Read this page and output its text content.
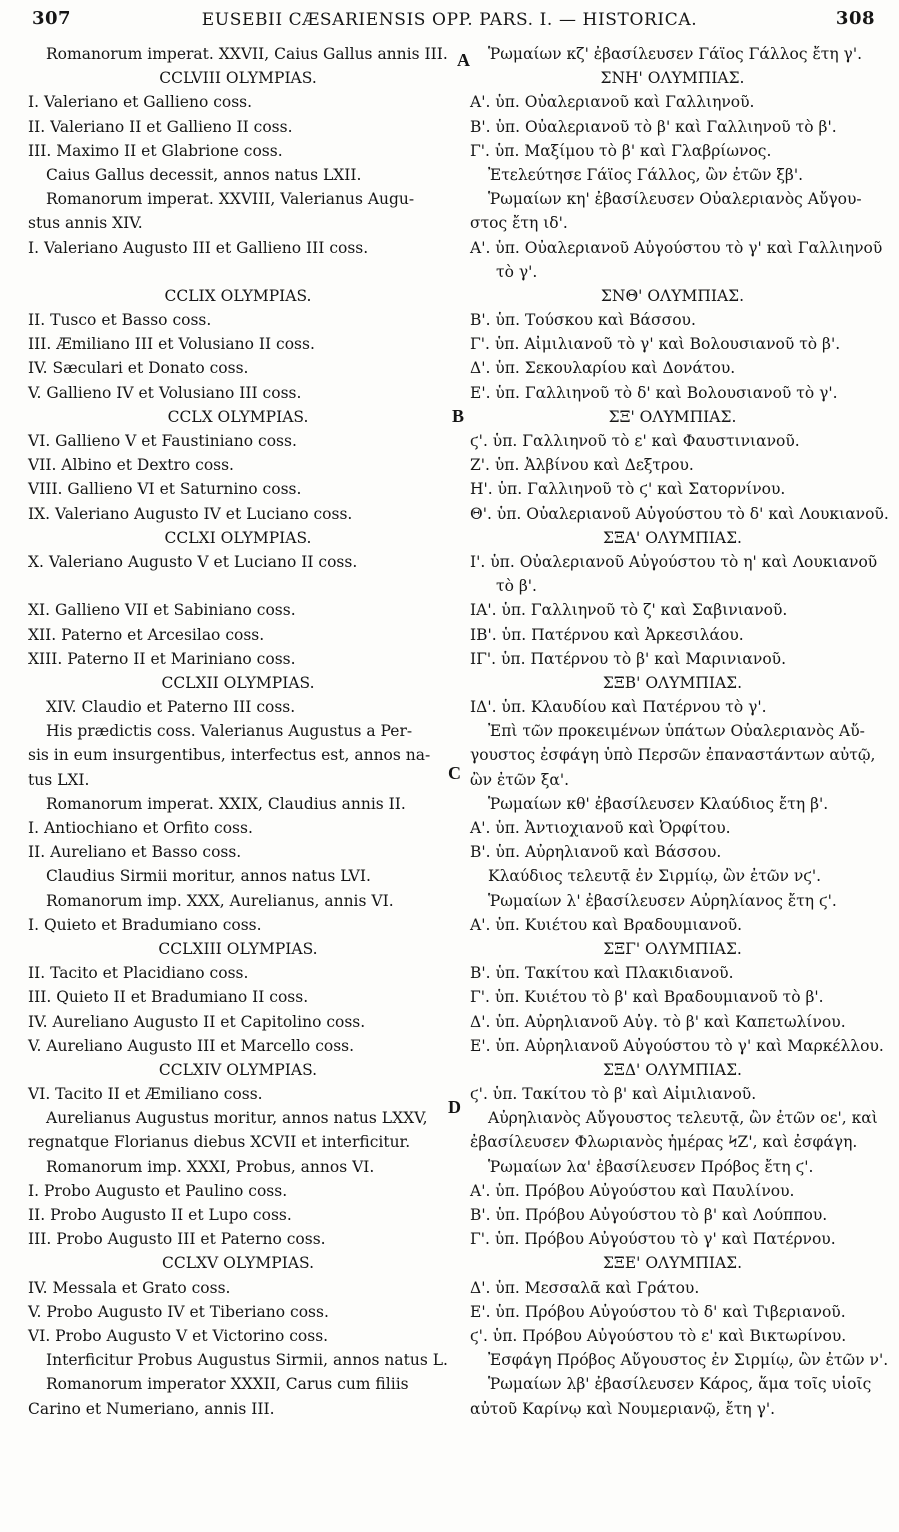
307	EUSEBII CÆSARIENSIS OPP. PARS. I. — HISTORICA.	308
Romanorum imperat. XXVII, Caius Gallus annis III.
CCLVIII OLYMPIAS.
I. Valeriano et Gallieno coss.
II. Valeriano II et Gallieno II coss.
III. Maximo II et Glabrione coss.
Caius Gallus decessit, annos natus LXII.
Romanorum imperat. XXVIII, Valerianus Augu-
stus annis XIV.
I. Valeriano Augusto III et Gallieno III coss.
CCLIX OLYMPIAS.
II. Tusco et Basso coss.
III. Æmiliano III et Volusiano II coss.
IV. Sæculari et Donato coss.
V. Gallieno IV et Volusiano III coss.
CCLX OLYMPIAS.
VI. Gallieno V et Faustiniano coss.
VII. Albino et Dextro coss.
VIII. Gallieno VI et Saturnino coss.
IX. Valeriano Augusto IV et Luciano coss.
CCLXI OLYMPIAS.
X. Valeriano Augusto V et Luciano II coss.
XI. Gallieno VII et Sabiniano coss.
XII. Paterno et Arcesilao coss.
XIII. Paterno II et Mariniano coss.
CCLXII OLYMPIAS.
XIV. Claudio et Paterno III coss.
His prædictis coss. Valerianus Augustus a Per-
sis in eum insurgentibus, interfectus est, annos na-
tus LXI.
Romanorum imperat. XXIX, Claudius annis II.
I. Antiochiano et Orfito coss.
II. Aureliano et Basso coss.
Claudius Sirmii moritur, annos natus LVI.
Romanorum imp. XXX, Aurelianus, annis VI.
I. Quieto et Bradumiano coss.
CCLXIII OLYMPIAS.
II. Tacito et Placidiano coss.
III. Quieto II et Bradumiano II coss.
IV. Aureliano Augusto II et Capitolino coss.
V. Aureliano Augusto III et Marcello coss.
CCLXIV OLYMPIAS.
VI. Tacito II et Æmiliano coss.
Aurelianus Augustus moritur, annos natus LXXV,
regnatque Florianus diebus XCVII et interficitur.
Romanorum imp. XXXI, Probus, annos VI.
I. Probo Augusto et Paulino coss.
II. Probo Augusto II et Lupo coss.
III. Probo Augusto III et Paterno coss.
CCLXV OLYMPIAS.
IV. Messala et Grato coss.
V. Probo Augusto IV et Tiberiano coss.
VI. Probo Augusto V et Victorino coss.
Interficitur Probus Augustus Sirmii, annos natus L.
Romanorum imperator XXXII, Carus cum filiis
Carino et Numeriano, annis III.
Ῥωμαίων κζ' ἐβασίλευσεν Γάϊος Γάλλος ἔτη γ'.
ΣΝΗ' ΟΛΥΜΠΙΑΣ.
Α'. ὑπ. Οὐαλεριανοῦ καὶ Γαλλιηνοῦ.
Β'. ὑπ. Οὐαλεριανοῦ τὸ β' καὶ Γαλλιηνοῦ τὸ β'.
Γ'. ὑπ. Μαξίμου τὸ β' καὶ Γλαβρίωνος.
Ἐτελεύτησε Γάϊος Γάλλος, ὢν ἐτῶν ξβ'.
Ῥωμαίων κη' ἐβασίλευσεν Οὐαλεριανὸς Αὔγου-
στος ἔτη ιδ'.
Α'. ὑπ. Οὐαλεριανοῦ Αὐγούστου τὸ γ' καὶ Γαλλιηνοῦ
τὸ γ'.
ΣΝΘ' ΟΛΥΜΠΙΑΣ.
Β'. ὑπ. Τούσκου καὶ Βάσσου.
Γ'. ὑπ. Αἰμιλιανοῦ τὸ γ' καὶ Βολουσιανοῦ τὸ β'.
Δ'. ὑπ. Σεκουλαρίου καὶ Δονάτου.
Ε'. ὑπ. Γαλλιηνοῦ τὸ δ' καὶ Βολουσιανοῦ τὸ γ'.
ΣΞ' ΟΛΥΜΠΙΑΣ.
ϛ'. ὑπ. Γαλλιηνοῦ τὸ ε' καὶ Φαυστινιανοῦ.
Ζ'. ὑπ. Ἀλβίνου καὶ Δεξτρου.
Η'. ὑπ. Γαλλιηνοῦ τὸ ϛ' καὶ Σατορνίνου.
Θ'. ὑπ. Οὐαλεριανοῦ Αὐγούστου τὸ δ' καὶ Λουκιανοῦ.
ΣΞΑ' ΟΛΥΜΠΙΑΣ.
Ι'. ὑπ. Οὐαλεριανοῦ Αὐγούστου τὸ η' καὶ Λουκιανοῦ
τὸ β'.
ΙΑ'. ὑπ. Γαλλιηνοῦ τὸ ζ' καὶ Σαβινιανοῦ.
ΙΒ'. ὑπ. Πατέρνου καὶ Ἀρκεσιλάου.
ΙΓ'. ὑπ. Πατέρνου τὸ β' καὶ Μαρινιανοῦ.
ΣΞΒ' ΟΛΥΜΠΙΑΣ.
ΙΔ'. ὑπ. Κλαυδίου καὶ Πατέρνου τὸ γ'.
Ἐπὶ τῶν προκειμένων ὑπάτων Οὐαλεριανὸς Αὔ-
γουστος ἐσφάγη ὑπὸ Περσῶν ἐπαναστάντων αὐτῷ,
ὢν ἐτῶν ξα'.
Ῥωμαίων κθ' ἐβασίλευσεν Κλαύδιος ἔτη β'.
Α'. ὑπ. Ἀντιοχιανοῦ καὶ Ὀρφίτου.
Β'. ὑπ. Αὐρηλιανοῦ καὶ Βάσσου.
Κλαύδιος τελευτᾷ ἐν Σιρμίῳ, ὢν ἐτῶν νϛ'.
Ῥωμαίων λ' ἐβασίλευσεν Αὐρηλίανος ἔτη ϛ'.
Α'. ὑπ. Κυιέτου καὶ Βραδουμιανοῦ.
ΣΞΓ' ΟΛΥΜΠΙΑΣ.
Β'. ὑπ. Τακίτου καὶ Πλακιδιανοῦ.
Γ'. ὑπ. Κυιέτου τὸ β' καὶ Βραδουμιανοῦ τὸ β'.
Δ'. ὑπ. Αὐρηλιανοῦ Αὐγ. τὸ β' καὶ Καπετωλίνου.
Ε'. ὑπ. Αὐρηλιανοῦ Αὐγούστου τὸ γ' καὶ Μαρκέλλου.
ΣΞΔ' ΟΛΥΜΠΙΑΣ.
ϛ'. ὑπ. Τακίτου τὸ β' καὶ Αἰμιλιανοῦ.
Αὐρηλιανὸς Αὔγουστος τελευτᾷ, ὢν ἐτῶν οε', καὶ
ἐβασίλευσεν Φλωριανὸς ἡμέρας ϞΖ', καὶ ἐσφάγη.
Ῥωμαίων λα' ἐβασίλευσεν Πρόβος ἔτη ϛ'.
Α'. ὑπ. Πρόβου Αὐγούστου καὶ Παυλίνου.
Β'. ὑπ. Πρόβου Αὐγούστου τὸ β' καὶ Λούππου.
Γ'. ὑπ. Πρόβου Αὐγούστου τὸ γ' καὶ Πατέρνου.
ΣΞΕ' ΟΛΥΜΠΙΑΣ.
Δ'. ὑπ. Μεσσαλᾶ καὶ Γράτου.
Ε'. ὑπ. Πρόβου Αὐγούστου τὸ δ' καὶ Τιβεριανοῦ.
ϛ'. ὑπ. Πρόβου Αὐγούστου τὸ ε' καὶ Βικτωρίνου.
Ἐσφάγη Πρόβος Αὔγουστος ἐν Σιρμίῳ, ὢν ἐτῶν ν'.
Ῥωμαίων λβ' ἐβασίλευσεν Κάρος, ἅμα τοῖς υἱοῖς
αὐτοῦ Καρίνῳ καὶ Νουμεριανῷ, ἔτη γ'.
A
B
C
D
